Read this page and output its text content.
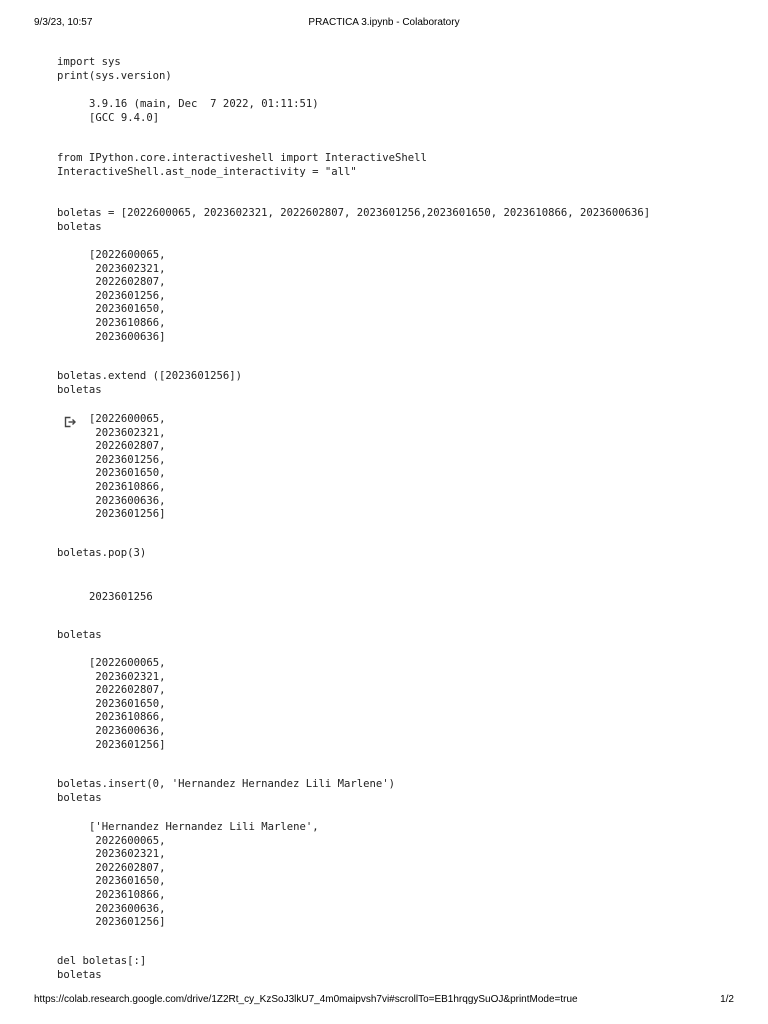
9/3/23, 10:57	PRACTICA 3.ipynb - Colaboratory
import sys
print(sys.version)
3.9.16 (main, Dec  7 2022, 01:11:51)
[GCC 9.4.0]
from IPython.core.interactiveshell import InteractiveShell
InteractiveShell.ast_node_interactivity = "all"
boletas = [2022600065, 2023602321, 2022602807, 2023601256,2023601650, 2023610866, 2023600636]
boletas
[2022600065,
2023602321,
2022602807,
2023601256,
2023601650,
2023610866,
2023600636]
boletas.extend ([2023601256])
boletas
[2022600065,
2023602321,
2022602807,
2023601256,
2023601650,
2023610866,
2023600636,
2023601256]
boletas.pop(3)
2023601256
boletas
[2022600065,
2023602321,
2022602807,
2023601650,
2023610866,
2023600636,
2023601256]
boletas.insert(0, 'Hernandez Hernandez Lili Marlene')
boletas
['Hernandez Hernandez Lili Marlene',
2022600065,
2023602321,
2022602807,
2023601650,
2023610866,
2023600636,
2023601256]
del boletas[:]
boletas
https://colab.research.google.com/drive/1Z2Rt_cy_KzSoJ3lkU7_4m0maipvsh7vi#scrollTo=EB1hrqgySuOJ&printMode=true	1/2
